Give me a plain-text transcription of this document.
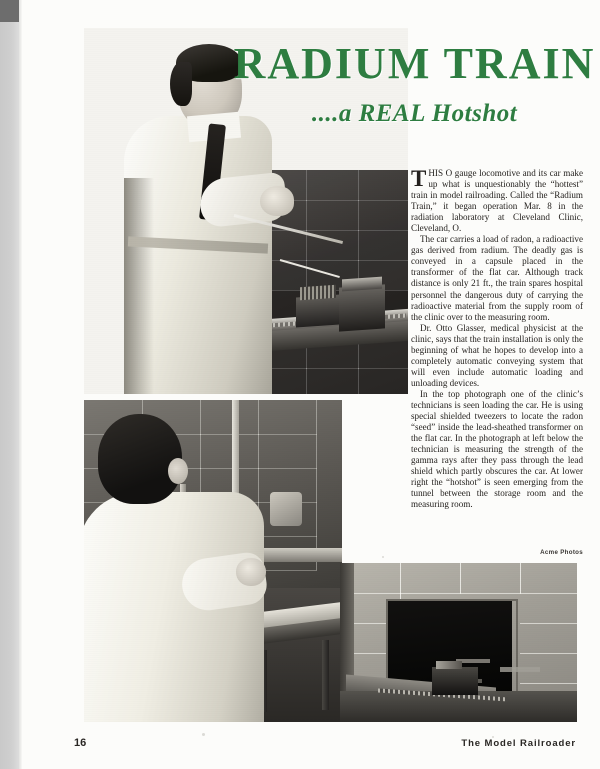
RADIUM TRAIN
....a REAL Hotshot

THIS O gauge locomotive and its car make up what is unquestionably the “hottest” train in model railroading. Called the “Radium Train,” it began operation Mar. 8 in the radiation laboratory at Cleveland Clinic, Cleveland, O.

The car carries a load of radon, a radioactive gas derived from radium. The deadly gas is conveyed in a capsule placed in the transformer of the flat car. Although track distance is only 21 ft., the train spares hospital personnel the dangerous duty of carrying the radioactive material from the supply room of the clinic over to the measuring room.

Dr. Otto Glasser, medical physicist at the clinic, says that the train installation is only the beginning of what he hopes to develop into a completely automatic conveying system that will even include automatic loading and unloading devices.

In the top photograph one of the clinic’s technicians is seen loading the car. He is using special shielded tweezers to locate the radon “seed” inside the lead-sheathed transformer on the flat car. In the photograph at left below the technician is measuring the strength of the gamma rays after they pass through the lead shield which partly obscures the car. At lower right the “hotshot” is seen emerging from the tunnel between the storage room and the measuring room.

Acme Photos
16	The Model Railroader
